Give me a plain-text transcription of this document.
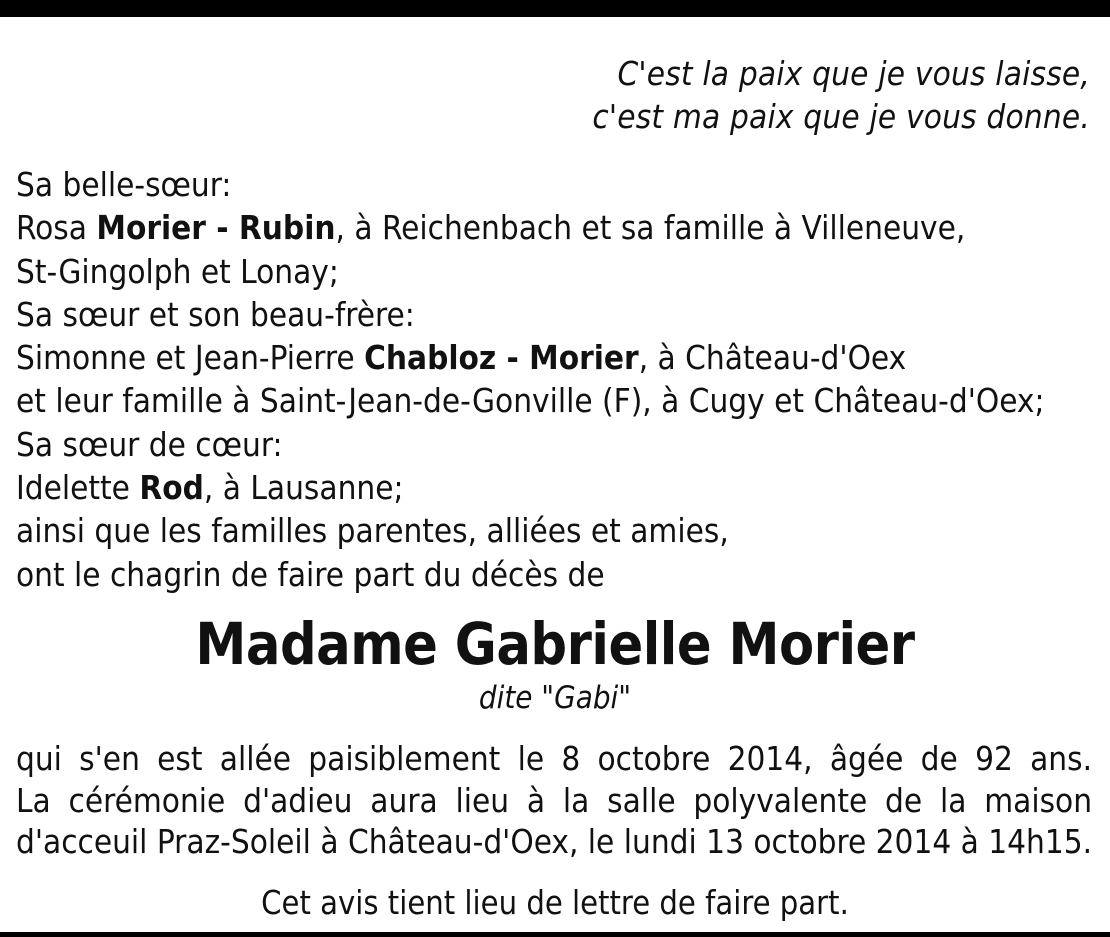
C'est la paix que je vous laisse,
c'est ma paix que je vous donne.
Sa belle-sœur:
Rosa Morier - Rubin, à Reichenbach et sa famille à Villeneuve,
St-Gingolph et Lonay;
Sa sœur et son beau-frère:
Simonne et Jean-Pierre Chabloz - Morier, à Château-d'Oex
et leur famille à Saint-Jean-de-Gonville (F), à Cugy et Château-d'Oex;
Sa sœur de cœur:
Idelette Rod, à Lausanne;
ainsi que les familles parentes, alliées et amies,
ont le chagrin de faire part du décès de
Madame Gabrielle Morier
dite "Gabi"
qui s'en est allée paisiblement le 8 octobre 2014, âgée de 92 ans.
La cérémonie d'adieu aura lieu à la salle polyvalente de la maison
d'acceuil Praz-Soleil à Château-d'Oex, le lundi 13 octobre 2014 à 14h15.
Cet avis tient lieu de lettre de faire part.
